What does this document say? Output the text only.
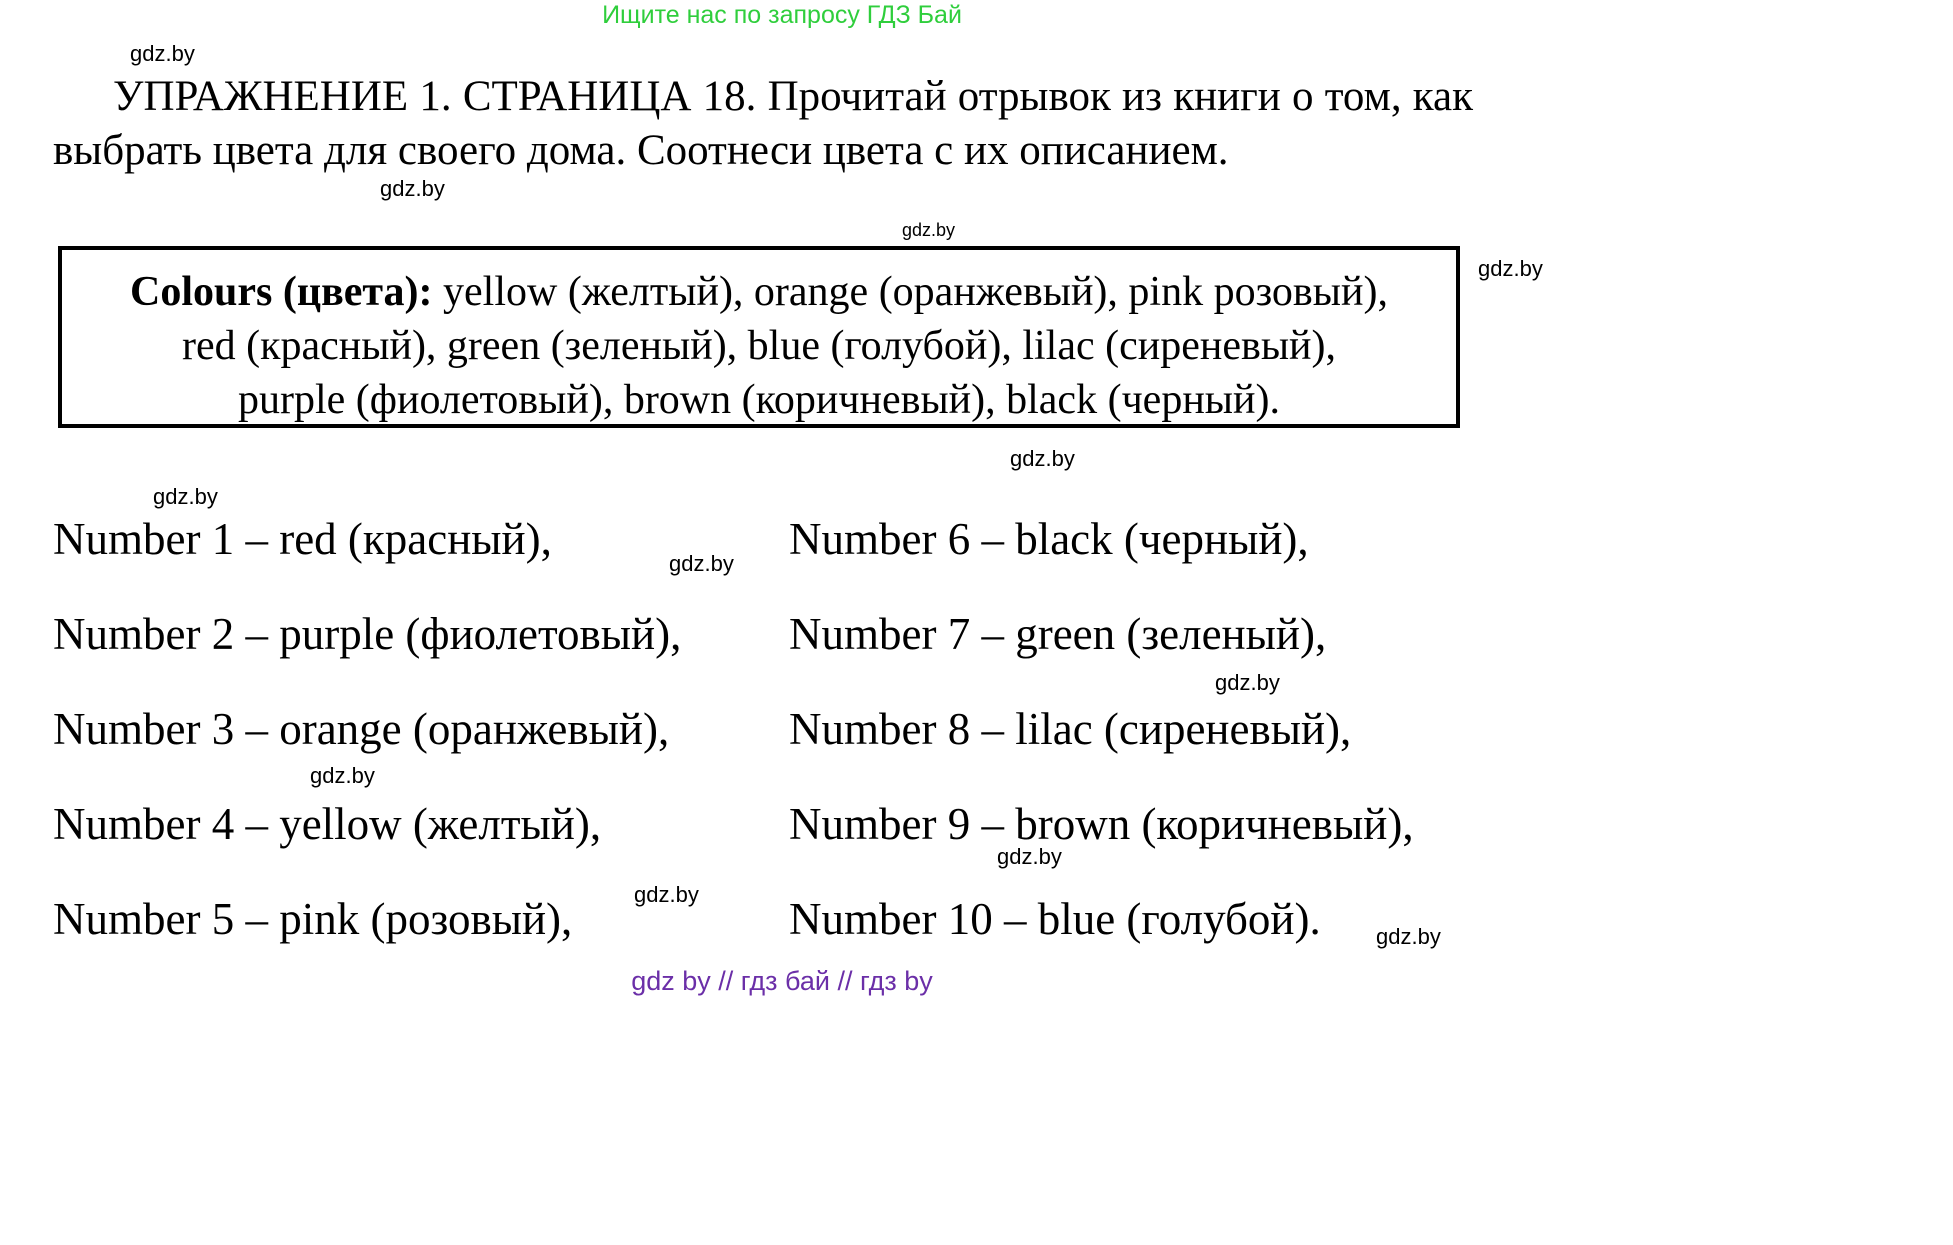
Ищите нас по запросу ГДЗ Бай
УПРАЖНЕНИЕ 1. СТРАНИЦА 18. Прочитай отрывок из книги о том, как выбрать цвета для своего дома. Соотнеси цвета с их описанием.
Colours (цвета): yellow (желтый), orange (оранжевый), pink розовый),
red (красный), green (зеленый), blue (голубой), lilac (сиреневый),
purple (фиолетовый), brown (коричневый), black (черный).
Number 1 – red (красный),
Number 2 – purple (фиолетовый),
Number 3 – orange (оранжевый),
Number 4 – yellow (желтый),
Number 5 – pink (розовый),
Number 6 – black (черный),
Number 7 – green (зеленый),
Number 8 – lilac (сиреневый),
Number 9 – brown (коричневый),
Number 10 – blue (голубой).
gdz.by
gdz.by
gdz.by
gdz.by
gdz.by
gdz.by
gdz.by
gdz.by
gdz.by
gdz.by
gdz.by
gdz.by
gdz by // гдз бай // гдз by
